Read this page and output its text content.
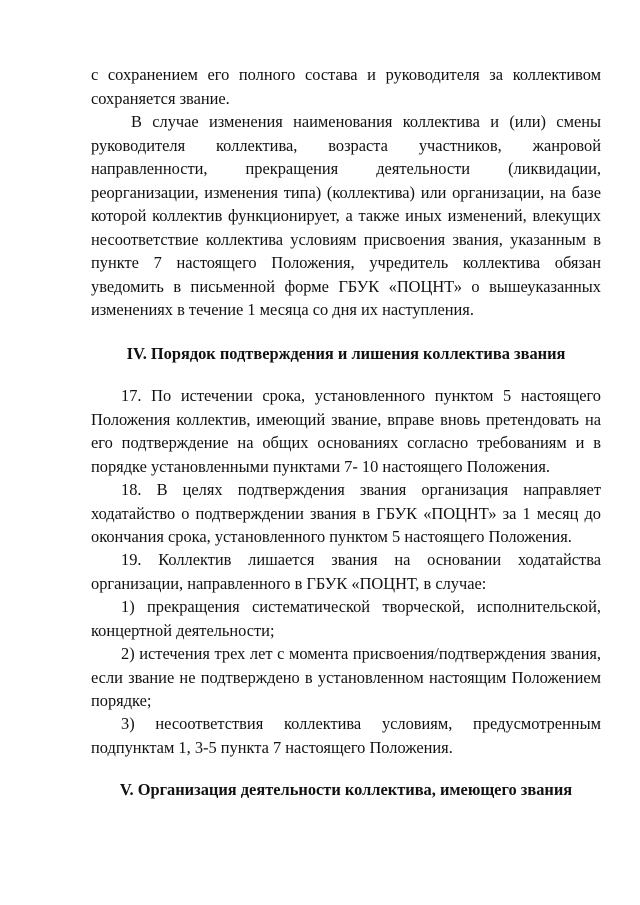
с сохранением его полного состава и руководителя за коллективом сохраняется звание.

В случае изменения наименования коллектива и (или) смены руководителя коллектива, возраста участников, жанровой направленности, прекращения деятельности (ликвидации, реорганизации, изменения типа) (коллектива) или организации, на базе которой коллектив функционирует, а также иных изменений, влекущих несоответствие коллектива условиям присвоения звания, указанным в пункте 7 настоящего Положения, учредитель коллектива обязан уведомить в письменной форме ГБУК «ПОЦНТ» о вышеуказанных изменениях в течение 1 месяца со дня их наступления.

IV. Порядок подтверждения и лишения коллектива звания

17. По истечении срока, установленного пунктом 5 настоящего Положения коллектив, имеющий звание, вправе вновь претендовать на его подтверждение на общих основаниях согласно требованиям и в порядке установленными пунктами 7- 10 настоящего Положения.

18. В целях подтверждения звания организация направляет ходатайство о подтверждении звания в ГБУК «ПОЦНТ» за 1 месяц до окончания срока, установленного пунктом 5 настоящего Положения.

19. Коллектив лишается звания на основании ходатайства организации, направленного в ГБУК «ПОЦНТ, в случае:

1) прекращения систематической творческой, исполнительской, концертной деятельности;

2) истечения трех лет с момента присвоения/подтверждения звания, если звание не подтверждено в установленном настоящим Положением порядке;

3) несоответствия коллектива условиям, предусмотренным подпунктам 1, 3-5 пункта 7 настоящего Положения.

V. Организация деятельности коллектива, имеющего звания
